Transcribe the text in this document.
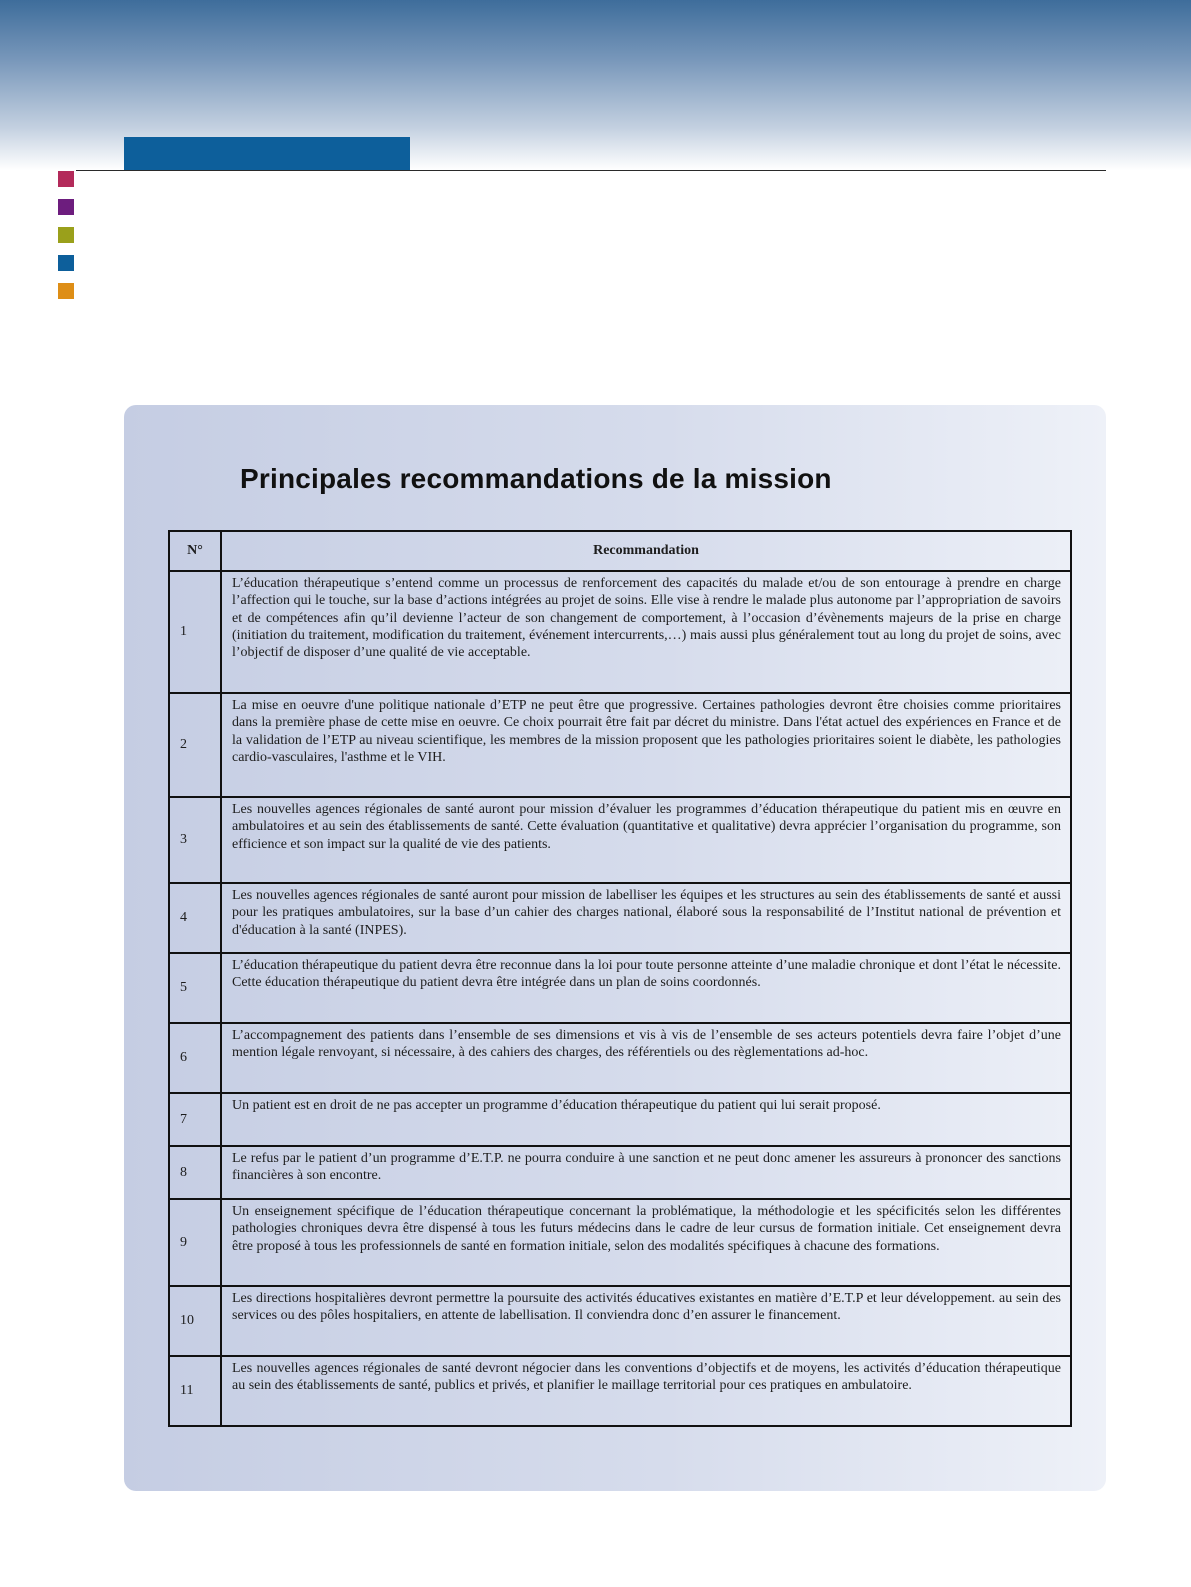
Principales recommandations de la mission
N°	Recommandation
1	L’éducation thérapeutique s’entend comme un processus de renforcement des capacités du malade et/ou de son entourage à prendre en charge l’affection qui le touche, sur la base d’actions intégrées au projet de soins. Elle vise à rendre le malade plus autonome par l’appropriation de savoirs et de compétences afin qu’il devienne l’acteur de son changement de comportement, à l’occasion d’évènements majeurs de la prise en charge (initiation du traitement, modification du traitement, événement intercurrents,…) mais aussi plus généralement tout au long du projet de soins, avec l’objectif de disposer d’une qualité de vie acceptable.
2	La mise en oeuvre d'une politique nationale d’ETP ne peut être que progressive. Certaines pathologies devront être choisies comme prioritaires dans la première phase de cette mise en oeuvre. Ce choix pourrait être fait par décret du ministre. Dans l'état actuel des expériences en France et de la validation de l’ETP au niveau scientifique, les membres de la mission proposent que les pathologies prioritaires soient le diabète, les pathologies cardio-vasculaires, l'asthme et le VIH.
3	Les nouvelles agences régionales de santé auront pour mission d’évaluer les programmes d’éducation thérapeutique du patient mis en œuvre en ambulatoires et au sein des établissements de santé. Cette évaluation (quantitative et qualitative) devra apprécier l’organisation du programme, son efficience et son impact sur la qualité de vie des patients.
4	Les nouvelles agences régionales de santé auront pour mission de labelliser les équipes et les structures au sein des établissements de santé et aussi pour les pratiques ambulatoires, sur la base d’un cahier des charges national, élaboré sous la responsabilité de l’Institut national de prévention et d'éducation à la santé (INPES).
5	L’éducation thérapeutique du patient devra être reconnue dans la loi pour toute personne atteinte d’une maladie chronique et dont l’état le nécessite. Cette éducation thérapeutique du patient devra être intégrée dans un plan de soins coordonnés.
6	L’accompagnement des patients dans l’ensemble de ses dimensions et vis à vis de l’ensemble de ses acteurs potentiels devra faire l’objet d’une mention légale renvoyant, si nécessaire, à des cahiers des charges, des référentiels ou des règlementations ad-hoc.
7	Un patient est en droit de ne pas accepter un programme d’éducation thérapeutique du patient qui lui serait proposé.
8	Le refus par le patient d’un programme d’E.T.P. ne pourra conduire à une sanction et ne peut donc amener les assureurs à prononcer des sanctions financières à son encontre.
9	Un enseignement spécifique de l’éducation thérapeutique concernant la problématique, la méthodologie et les spécificités selon les différentes pathologies chroniques devra être dispensé à tous les futurs médecins dans le cadre de leur cursus de formation initiale. Cet enseignement devra être proposé à tous les professionnels de santé en formation initiale, selon des modalités spécifiques à chacune des formations.
10	Les directions hospitalières devront permettre la poursuite des activités éducatives existantes en matière d’E.T.P et leur développement. au sein des services ou des pôles hospitaliers, en attente de labellisation. Il conviendra donc d’en assurer le financement.
11	Les nouvelles agences régionales de santé devront négocier dans les conventions d’objectifs et de moyens, les activités d’éducation thérapeutique au sein des établissements de santé, publics et privés, et planifier le maillage territorial pour ces pratiques en ambulatoire.
